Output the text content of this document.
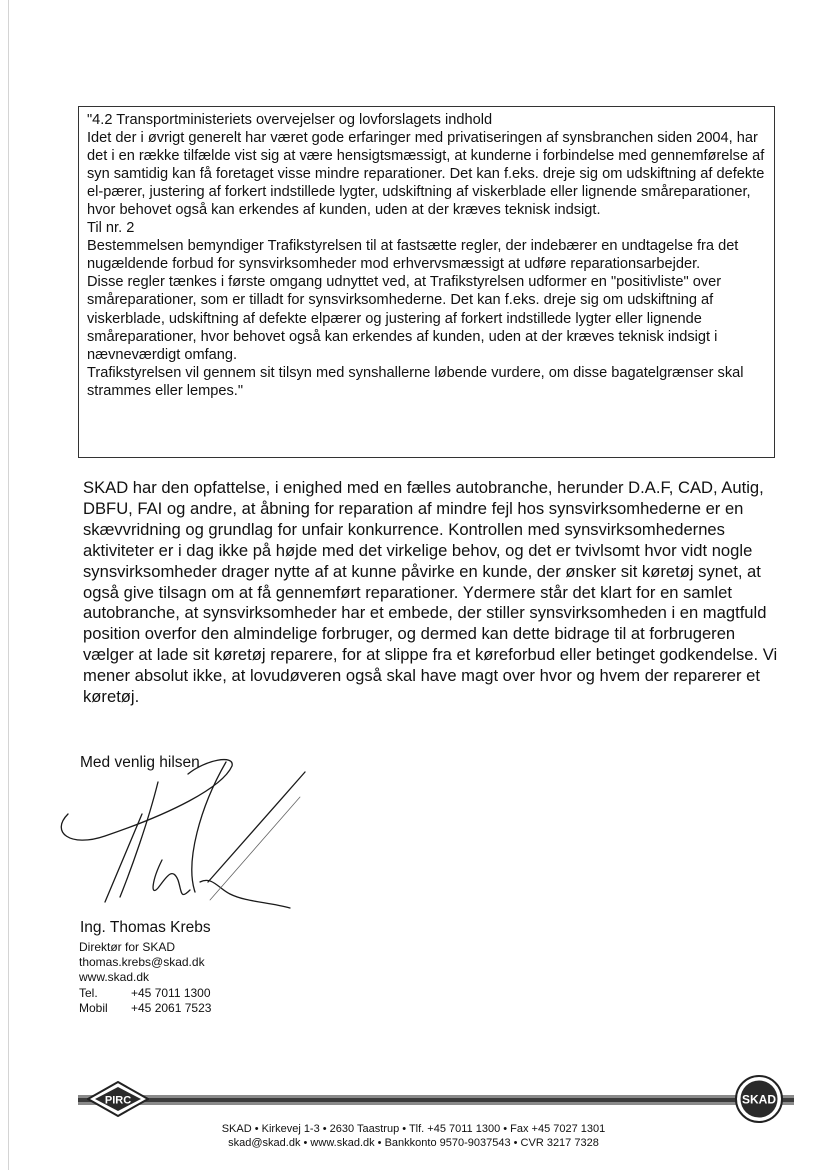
"4.2 Transportministeriets overvejelser og lovforslagets indhold

Idet der i øvrigt generelt har været gode erfaringer med privatiseringen af synsbranchen siden 2004, har det i en række tilfælde vist sig at være hensigtsmæssigt, at kunderne i forbindelse med gennemførelse af syn samtidig kan få foretaget visse mindre reparationer. Det kan f.eks. dreje sig om udskiftning af defekte el-pærer, justering af forkert indstillede lygter, udskiftning af viskerblade eller lignende småreparationer, hvor behovet også kan erkendes af kunden, uden at der kræves teknisk indsigt.

Til nr. 2

Bestemmelsen bemyndiger Trafikstyrelsen til at fastsætte regler, der indebærer en undtagelse fra det nugældende forbud for synsvirksomheder mod erhvervsmæssigt at udføre reparationsarbejder.

Disse regler tænkes i første omgang udnyttet ved, at Trafikstyrelsen udformer en "positivliste" over småreparationer, som er tilladt for synsvirksomhederne. Det kan f.eks. dreje sig om udskiftning af viskerblade, udskiftning af defekte elpærer og justering af forkert indstillede lygter eller lignende småreparationer, hvor behovet også kan erkendes af kunden, uden at der kræves teknisk indsigt i nævneværdigt omfang.

Trafikstyrelsen vil gennem sit tilsyn med synshallerne løbende vurdere, om disse bagatelgrænser skal strammes eller lempes."

SKAD har den opfattelse, i enighed med en fælles autobranche, herunder D.A.F, CAD, Autig, DBFU, FAI og andre, at åbning for reparation af mindre fejl hos synsvirksomhederne er en skævvridning og grundlag for unfair konkurrence. Kontrollen med synsvirksomhedernes aktiviteter er i dag ikke på højde med det virkelige behov, og det er tvivlsomt hvor vidt nogle synsvirksomheder drager nytte af at kunne påvirke en kunde, der ønsker sit køretøj synet, at også give tilsagn om at få gennemført reparationer. Ydermere står det klart for en samlet autobranche, at synsvirksomheder har et embede, der stiller synsvirksomheden i en magtfuld position overfor den almindelige forbruger, og dermed kan dette bidrage til at forbrugeren vælger at lade sit køretøj reparere, for at slippe fra et køreforbud eller betinget godkendelse. Vi mener absolut ikke, at lovudøveren også skal have magt over hvor og hvem der reparerer et køretøj.

Med venlig hilsen

Ing. Thomas Krebs

Direktør for SKAD
thomas.krebs@skad.dk
www.skad.dk
Tel.	+45 7011 1300
Mobil +45 2061 7523
PIRC	SKAD
SKAD • Kirkevej 1-3 • 2630 Taastrup • Tlf. +45 7011 1300 • Fax +45 7027 1301
skad@skad.dk • www.skad.dk • Bankkonto 9570-9037543 • CVR 3217 7328
